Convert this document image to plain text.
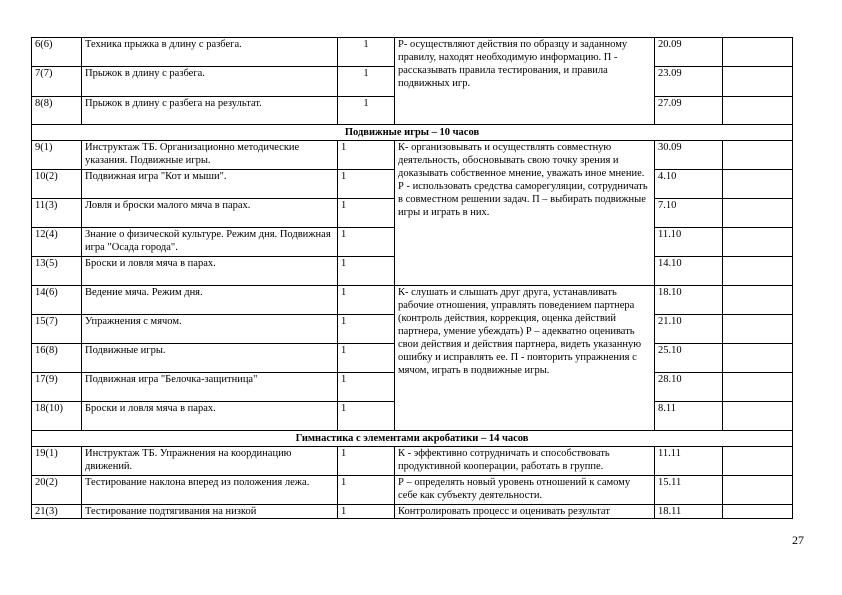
6(6)	Техника прыжка в длину с разбега.	1	Р- осуществляют действия по образцу и заданному правилу, находят необходимую информацию. П - рассказывать правила тестирования, и правила подвижных игр.	20.09	
7(7)	Прыжок в длину с разбега.	1		23.09	
8(8)	Прыжок в длину с разбега на результат.	1		27.09	
Подвижные игры – 10 часов					
9(1)	Инструктаж ТБ. Организационно методические указания. Подвижные игры.	1	К- организовывать и осуществлять совместную деятельность, обосновывать свою точку зрения и доказывать собственное мнение, уважать иное мнение. Р - использовать средства саморегуляции, сотрудничать в совместном решении задач. П – выбирать подвижные игры и играть в них.	30.09	
10(2)	Подвижная игра "Кот и мыши".	1		4.10	
11(3)	Ловля и броски малого мяча в парах.	1		7.10	
12(4)	Знание о физической культуре. Режим дня. Подвижная игра "Осада города".	1		11.10	
13(5)	Броски и ловля мяча в парах.	1		14.10	
14(6)	Ведение мяча. Режим дня.	1	К- слушать и слышать друг друга, устанавливать рабочие отношения, управлять поведением партнера (контроль действия, коррекция, оценка действий партнера, умение убеждать) Р – адекватно оценивать свои действия и действия партнера, видеть указанную ошибку и исправлять ее. П - повторить упражнения с мячом, играть в подвижные игры.	18.10	
15(7)	Упражнения с мячом.	1		21.10	
16(8)	Подвижные игры.	1		25.10	
17(9)	Подвижная игра "Белочка-защитница"	1		28.10	
18(10)	Броски и ловля мяча в парах.	1		8.11	
Гимнастика с элементами акробатики – 14 часов					
19(1)	Инструктаж ТБ. Упражнения на координацию движений.	1	К - эффективно сотрудничать и способствовать продуктивной кооперации, работать в группе.	11.11	
20(2)	Тестирование наклона вперед из положения лежа.	1	Р – определять новый уровень отношений к самому себе как субъекту деятельности.	15.11	
21(3)	Тестирование подтягивания на низкой	1	Контролировать процесс и оценивать результат	18.11	
27
